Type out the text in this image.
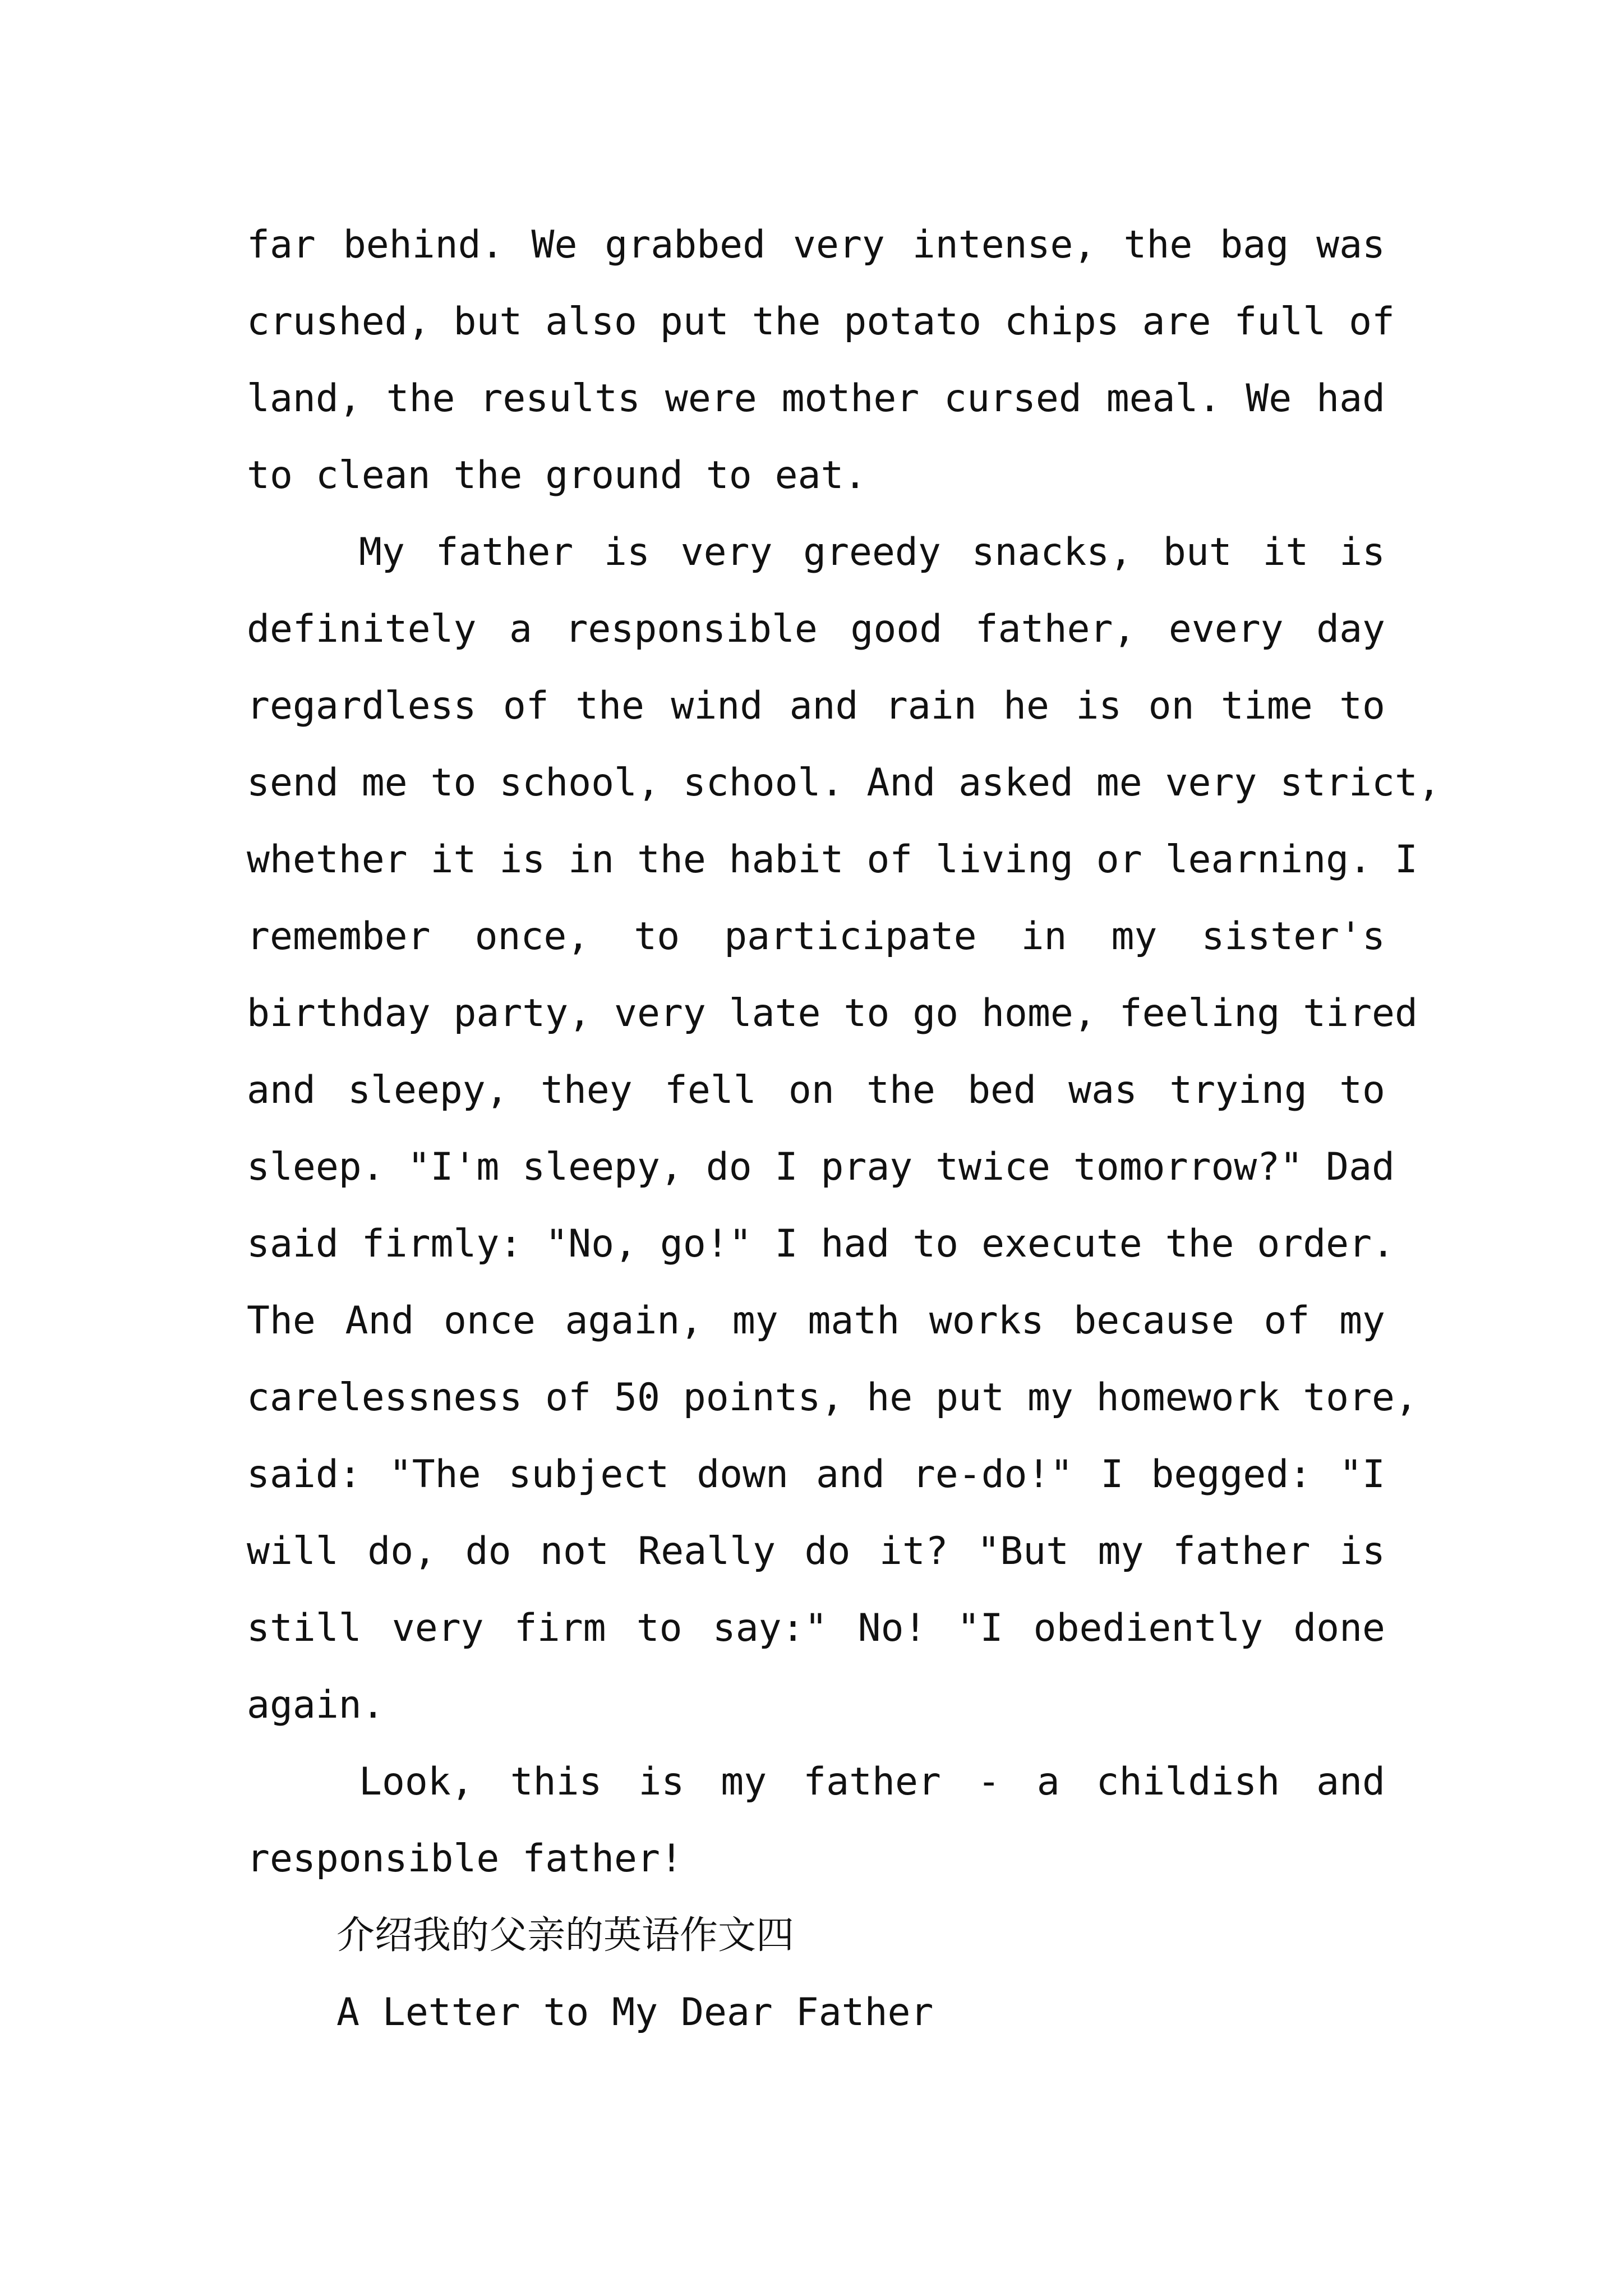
far behind. We grabbed very intense, the bag was

crushed, but also put the potato chips are full of

land, the results were mother cursed meal. We had

to clean the ground to eat.

My father is very greedy snacks, but it is

definitely a responsible good father, every day

regardless of the wind and rain he is on time to

send me to school, school. And asked me very strict,

whether it is in the habit of living or learning. I

remember once, to participate in my sister's

birthday party, very late to go home, feeling tired

and sleepy, they fell on the bed was trying to

sleep. "I'm sleepy, do I pray twice tomorrow?" Dad

said firmly: "No, go!" I had to execute the order.

The And once again, my math works because of my

carelessness of 50 points, he put my homework tore,

said: "The subject down and re-do!" I begged: "I

will do, do not Really do it? "But my father is

still very firm to say:" No! "I obediently done

again.

Look, this is my father - a childish and

responsible father!

介绍我的父亲的英语作文四

A Letter to My Dear Father
